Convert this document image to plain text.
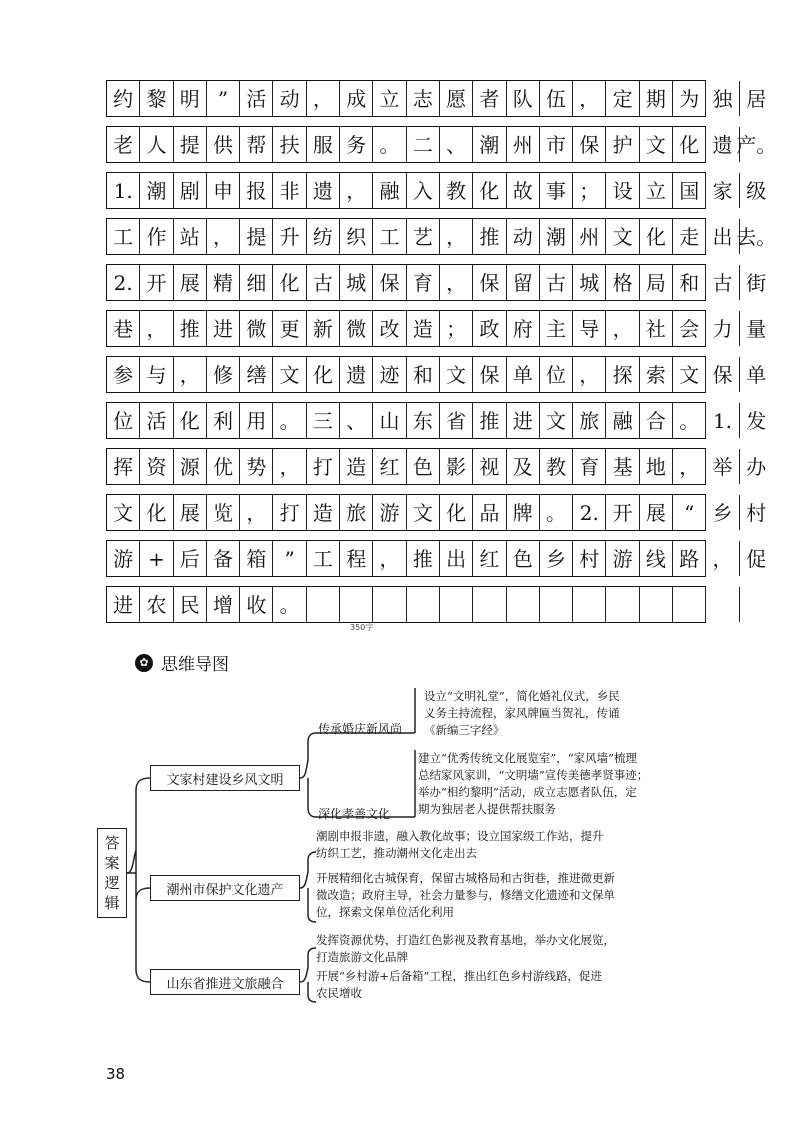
约 黎 明 ” 活 动 ， 成 立 志 愿 者 队 伍 ， 定 期 为 独 居
老 人 提 供 帮 扶 服 务 。 二 、 潮 州 市 保 护 文 化 遗 产。
1. 潮 剧 申 报 非 遗 ， 融 入 教 化 故 事 ； 设 立 国 家 级
工 作 站 ， 提 升 纺 织 工 艺 ， 推 动 潮 州 文 化 走 出 去。
2. 开 展 精 细 化 古 城 保 育 ， 保 留 古 城 格 局 和 古 街
巷 ， 推 进 微 更 新 微 改 造 ； 政 府 主 导 ， 社 会 力 量
参 与 ， 修 缮 文 化 遗 迹 和 文 保 单 位 ， 探 索 文 保 单
位 活 化 利 用 。 三 、 山 东 省 推 进 文 旅 融 合 。 1. 发
挥 资 源 优 势 ， 打 造 红 色 影 视 及 教 育 基 地 ， 举 办
文 化 展 览 ， 打 造 旅 游 文 化 品 牌 。 2. 开 展 “ 乡 村
游 + 后 备 箱 ” 工 程 ， 推 出 红 色 乡 村 游 线 路 ， 促
进 农 民 增 收 。
350字
✿ 思维导图
答
案
逻
辑
文家村建设乡风文明
潮州市保护文化遗产
山东省推进文旅融合
传承婚庆新风尚
设立“文明礼堂”，简化婚礼仪式，乡民
义务主持流程，家风牌匾当贺礼，传诵
《新编三字经》
深化孝善文化
建立“优秀传统文化展览室”，“家风墙”梳理
总结家风家训，“文明墙”宣传美德孝贤事迹；
举办“相约黎明”活动，成立志愿者队伍，定
期为独居老人提供帮扶服务
潮剧申报非遗，融入教化故事；设立国家级工作站，提升
纺织工艺，推动潮州文化走出去
开展精细化古城保育，保留古城格局和古街巷，推进微更新
微改造；政府主导，社会力量参与，修缮文化遗迹和文保单
位，探索文保单位活化利用
发挥资源优势，打造红色影视及教育基地，举办文化展览，
打造旅游文化品牌
开展“乡村游+后备箱”工程，推出红色乡村游线路，促进
农民增收
38
